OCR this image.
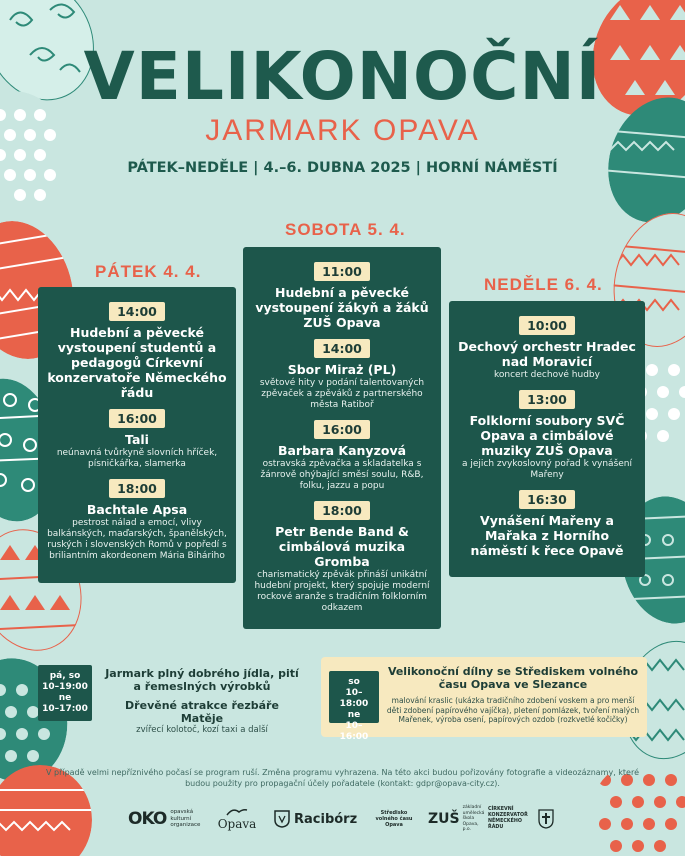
VELIKONOČNÍ
JARMARK OPAVA
PÁTEK–NEDĚLE | 4.–6. DUBNA 2025 | HORNÍ NÁMĚSTÍ
PÁTEK 4. 4.
14:00
Hudební a pěvecké vystoupení studentů a pedagogů Církevní konzervatoře Německého řádu
16:00
Tali
neúnavná tvůrkyně slovních hříček, písničkářka, slamerka
18:00
Bachtale Apsa
pestrost nálad a emocí, vlivy balkánských, maďarských, španělských, ruských i slovenských Romů v popředí s briliantním akordeonem Mária Biháriho
SOBOTA 5. 4.
11:00
Hudební a pěvecké vystoupení žákyň a žáků ZUŠ Opava
14:00
Sbor Miraż (PL)
světové hity v podání talentovaných zpěvaček a zpěváků z partnerského města Ratiboř
16:00
Barbara Kanyzová
ostravská zpěvačka a skladatelka s žánrově ohýbající směsí soulu, R&B, folku, jazzu a popu
18:00
Petr Bende Band & cimbálová muzika Gromba
charismatický zpěvák přináší unikátní hudební projekt, který spojuje moderní rockové aranže s tradičním folklorním odkazem
NEDĚLE 6. 4.
10:00
Dechový orchestr Hradec nad Moravicí
koncert dechové hudby
13:00
Folklorní soubory SVČ Opava a cimbálové muziky ZUŠ Opava
a jejich zvykoslovný pořad k vynášení Mařeny
16:30
Vynášení Mařeny a Mařaka z Horního náměstí k řece Opavě
pá, so
10–19:00
ne
10–17:00
Jarmark plný dobrého jídla, pití a řemeslných výrobků
Dřevěné atrakce řezbáře Matěje
zvířecí kolotoč, kozí taxi a další
so
10–18:00
ne
10–16:00
Velikonoční dílny se Střediskem volného času Opava ve Slezance
malování kraslic (ukázka tradičního zdobení voskem a pro menší děti zdobení papírového vajíčka), pletení pomlázek, tvoření malých Mařenek, výroba osení, papírových ozdob (rozkvetlé kočičky)
V případě velmi nepříznivého počasí se program ruší. Změna programu vyhrazena. Na této akci budou pořizovány fotografie a videozáznamy, které budou použity pro propagační účely pořadatele (kontakt: gdpr@opava-city.cz).
OKO opavská kulturní organizace Opava	Racibórz	Středisko volného času Opava	ZUŠ
základní umělecká škola Opava, p.o.
CÍRKEVNÍ KONZERVATOŘ NĚMECKÉHO ŘÁDU
